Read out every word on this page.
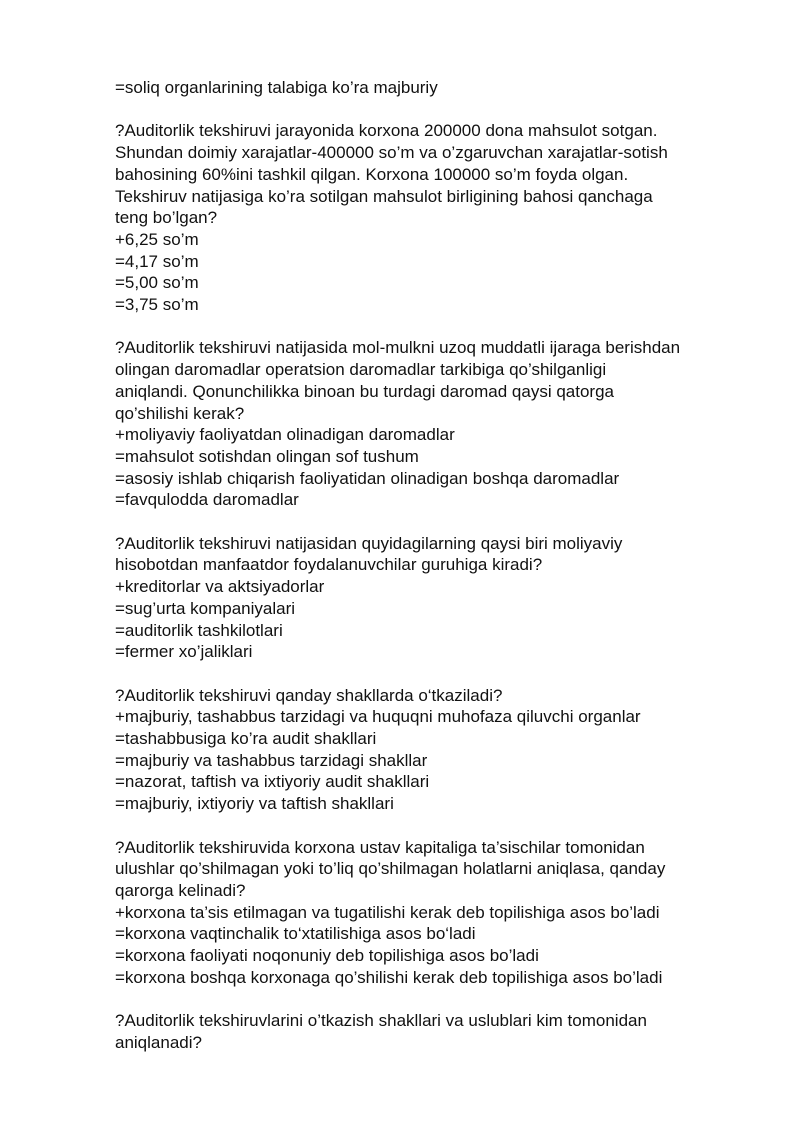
=soliq organlarining talabiga ko’ra majburiy
?Auditorlik tekshiruvi jarayonida korxona 200000 dona mahsulot sotgan.
Shundan doimiy xarajatlar-400000 so’m va o’zgaruvchan xarajatlar-sotish
bahosining 60%ini tashkil qilgan. Korxona 100000 so’m foyda olgan.
Tekshiruv natijasiga ko’ra sotilgan mahsulot birligining bahosi qanchaga
teng bo’lgan?
+6,25 so’m
=4,17 so’m
=5,00 so’m
=3,75 so’m
?Auditorlik tekshiruvi natijasida mol-mulkni uzoq muddatli ijaraga berishdan
olingan daromadlar operatsion daromadlar tarkibiga qo’shilganligi
aniqlandi. Qonunchilikka binoan bu turdagi daromad qaysi qatorga
qo’shilishi kerak?
+moliyaviy faoliyatdan olinadigan daromadlar
=mahsulot sotishdan olingan sof tushum
=asosiy ishlab chiqarish faoliyatidan olinadigan boshqa daromadlar
=favqulodda daromadlar
?Auditorlik tekshiruvi natijasidan quyidagilarning qaysi biri moliyaviy
hisobotdan manfaatdor foydalanuvchilar guruhiga kiradi?
+kreditorlar va aktsiyadorlar
=sug’urta kompaniyalari
=auditorlik tashkilotlari
=fermer xo’jaliklari
?Auditorlik tekshiruvi qanday shakllarda o‘tkaziladi?
+majburiy, tashabbus tarzidagi va huquqni muhofaza qiluvchi organlar
=tashabbusiga ko’ra audit shakllari
=majburiy va tashabbus tarzidagi shakllar
=nazorat, taftish va ixtiyoriy audit shakllari
=majburiy, ixtiyoriy va taftish shakllari
?Auditorlik tekshiruvida korxona ustav kapitaliga ta’sischilar tomonidan
ulushlar qo’shilmagan yoki to’liq qo’shilmagan holatlarni aniqlasa, qanday
qarorga kelinadi?
+korxona ta’sis etilmagan va tugatilishi kerak deb topilishiga asos bo’ladi
=korxona vaqtinchalik to‘xtatilishiga asos bo‘ladi
=korxona faoliyati noqonuniy deb topilishiga asos bo’ladi
=korxona boshqa korxonaga qo’shilishi kerak deb topilishiga asos bo’ladi
?Auditorlik tekshiruvlarini o’tkazish shakllari va uslublari kim tomonidan
aniqlanadi?
